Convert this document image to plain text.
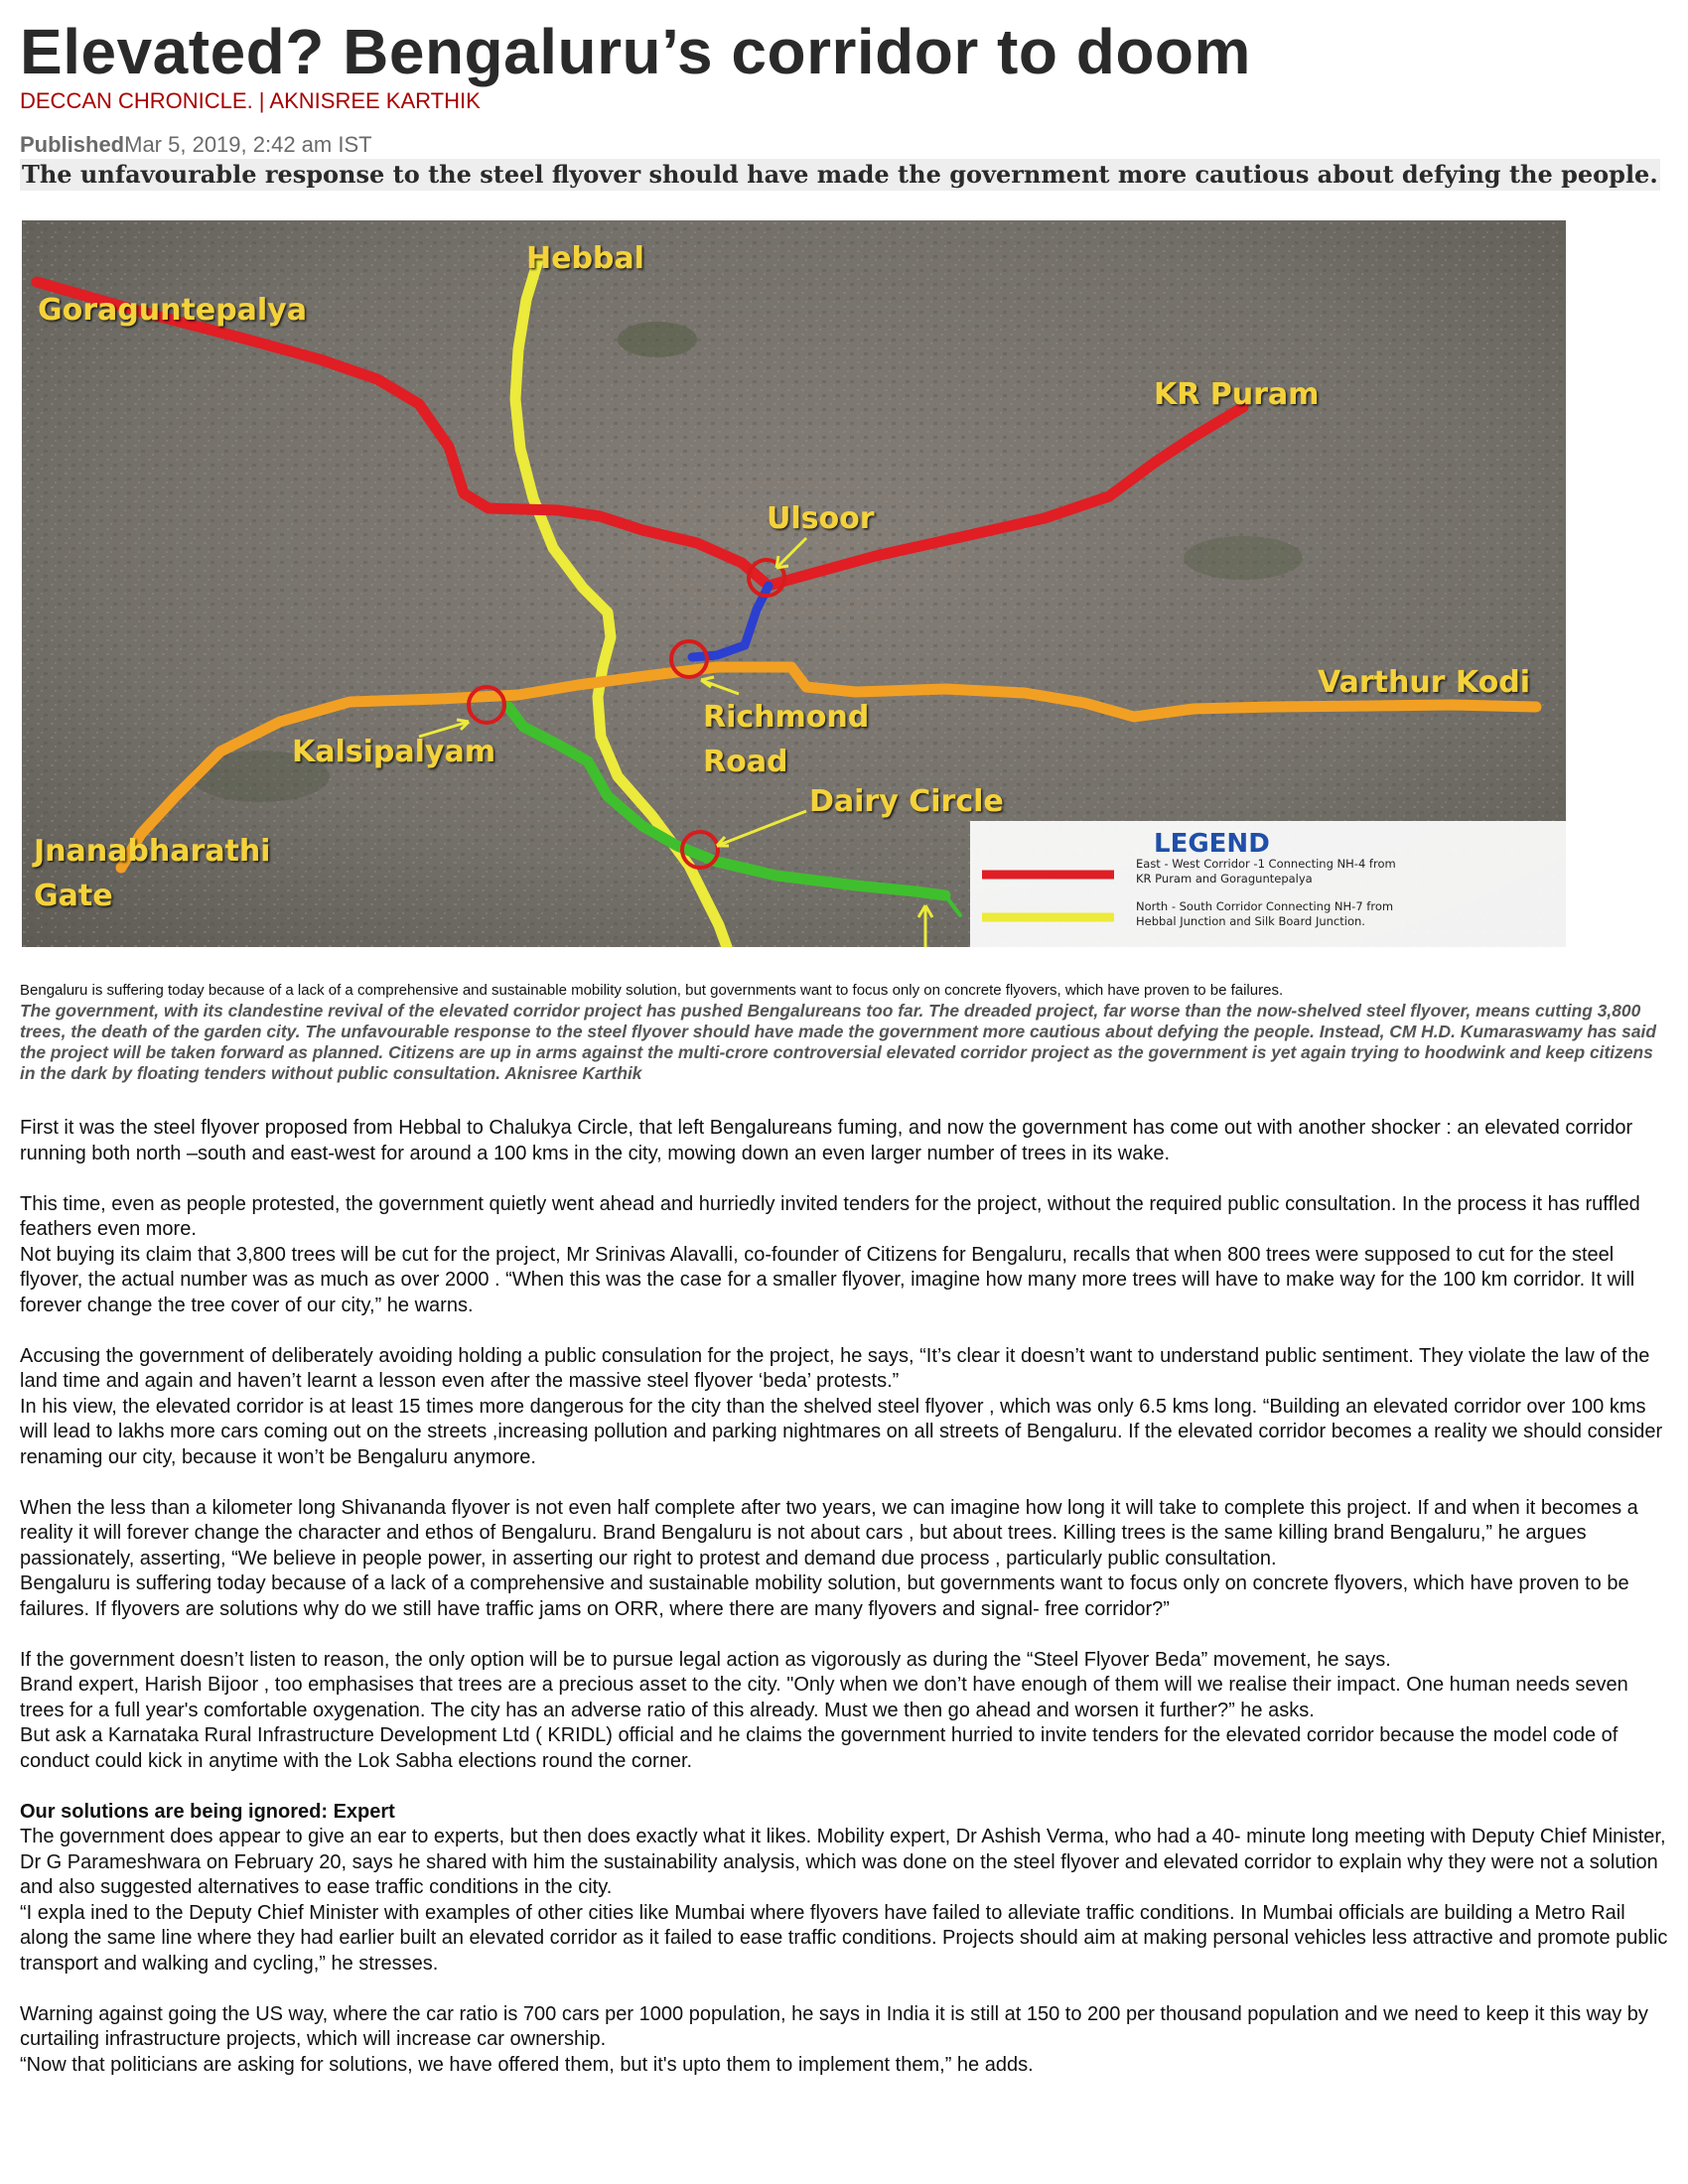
Elevated? Bengaluru’s corridor to doom
DECCAN CHRONICLE. | AKNISREE KARTHIK
PublishedMar 5, 2019, 2:42 am IST
The unfavourable response to the steel flyover should have made the government more cautious about defying the people.
Hebbal
Goraguntepalya
KR Puram
Ulsoor
Varthur Kodi
Richmond
Road
Kalsipalyam
Dairy Circle
Jnanabharathi
Gate
LEGEND
East - West Corridor -1 Connecting NH-4 from
KR Puram and Goraguntepalya
North - South Corridor Connecting NH-7 from
Hebbal Junction and Silk Board Junction.
Bengaluru is suffering today because of a lack of a comprehensive and sustainable mobility solution, but governments want to focus only on concrete flyovers, which have proven to be failures.
The government, with its clandestine revival of the elevated corridor project has pushed Bengalureans too far. The dreaded project, far worse than the now-shelved steel flyover, means cutting 3,800 trees, the death of the garden city. The unfavourable response to the steel flyover should have made the government more cautious about defying the people. Instead, CM H.D. Kumaraswamy has said the project will be taken forward as planned. Citizens are up in arms against the multi-crore controversial elevated corridor project as the government is yet again trying to hoodwink and keep citizens in the dark by floating tenders without public consultation. Aknisree Karthik

First it was the steel flyover proposed from Hebbal to Chalukya Circle, that left Bengalureans fuming, and now the government has come out with another shocker : an elevated corridor running both north –south and east-west for around a 100 kms in the city, mowing down an even larger number of trees in its wake.

This time, even as people protested, the government quietly went ahead and hurriedly invited tenders for the project, without the required public consultation. In the process it has ruffled feathers even more.

Not buying its claim that 3,800 trees will be cut for the project, Mr Srinivas Alavalli, co-founder of Citizens for Bengaluru, recalls that when 800 trees were supposed to cut for the steel flyover, the actual number was as much as over 2000 . “When this was the case for a smaller flyover, imagine how many more trees will have to make way for the 100 km corridor. It will forever change the tree cover of our city,” he warns.

Accusing the government of deliberately avoiding holding a public consulation for the project, he says, “It’s clear it doesn’t want to understand public sentiment. They violate the law of the land time and again and haven’t learnt a lesson even after the massive steel flyover ‘beda’ protests.”

In his view, the elevated corridor is at least 15 times more dangerous for the city than the shelved steel flyover , which was only 6.5 kms long. “Building an elevated corridor over 100 kms will lead to lakhs more cars coming out on the streets ,increasing pollution and parking nightmares on all streets of Bengaluru. If the elevated corridor becomes a reality we should consider renaming our city, because it won’t be Bengaluru anymore.

When the less than a kilometer long Shivananda flyover is not even half complete after two years, we can imagine how long it will take to complete this project. If and when it becomes a reality it will forever change the character and ethos of Bengaluru. Brand Bengaluru is not about cars , but about trees. Killing trees is the same killing brand Bengaluru,” he argues passionately, asserting, “We believe in people power, in asserting our right to protest and demand due process , particularly public consultation.

Bengaluru is suffering today because of a lack of a comprehensive and sustainable mobility solution, but governments want to focus only on concrete flyovers, which have proven to be failures. If flyovers are solutions why do we still have traffic jams on ORR, where there are many flyovers and signal- free corridor?”

If the government doesn’t listen to reason, the only option will be to pursue legal action as vigorously as during the “Steel Flyover Beda” movement, he says.

Brand expert, Harish Bijoor , too emphasises that trees are a precious asset to the city. "Only when we don’t have enough of them will we realise their impact. One human needs seven trees for a full year's comfortable oxygenation. The city has an adverse ratio of this already. Must we then go ahead and worsen it further?” he asks.

But ask a Karnataka Rural Infrastructure Development Ltd ( KRIDL) official and he claims the government hurried to invite tenders for the elevated corridor because the model code of conduct could kick in anytime with the Lok Sabha elections round the corner.

Our solutions are being ignored: Expert

The government does appear to give an ear to experts, but then does exactly what it likes. Mobility expert, Dr Ashish Verma, who had a 40- minute long meeting with Deputy Chief Minister, Dr G Parameshwara on February 20, says he shared with him the sustainability analysis, which was done on the steel flyover and elevated corridor to explain why they were not a solution and also suggested alternatives to ease traffic conditions in the city.

“I expla ined to the Deputy Chief Minister with examples of other cities like Mumbai where flyovers have failed to alleviate traffic conditions. In Mumbai officials are building a Metro Rail along the same line where they had earlier built an elevated corridor as it failed to ease traffic conditions. Projects should aim at making personal vehicles less attractive and promote public transport and walking and cycling,” he stresses.

Warning against going the US way, where the car ratio is 700 cars per 1000 population, he says in India it is still at 150 to 200 per thousand population and we need to keep it this way by curtailing infrastructure projects, which will increase car ownership.

“Now that politicians are asking for solutions, we have offered them, but it's upto them to implement them,” he adds.
